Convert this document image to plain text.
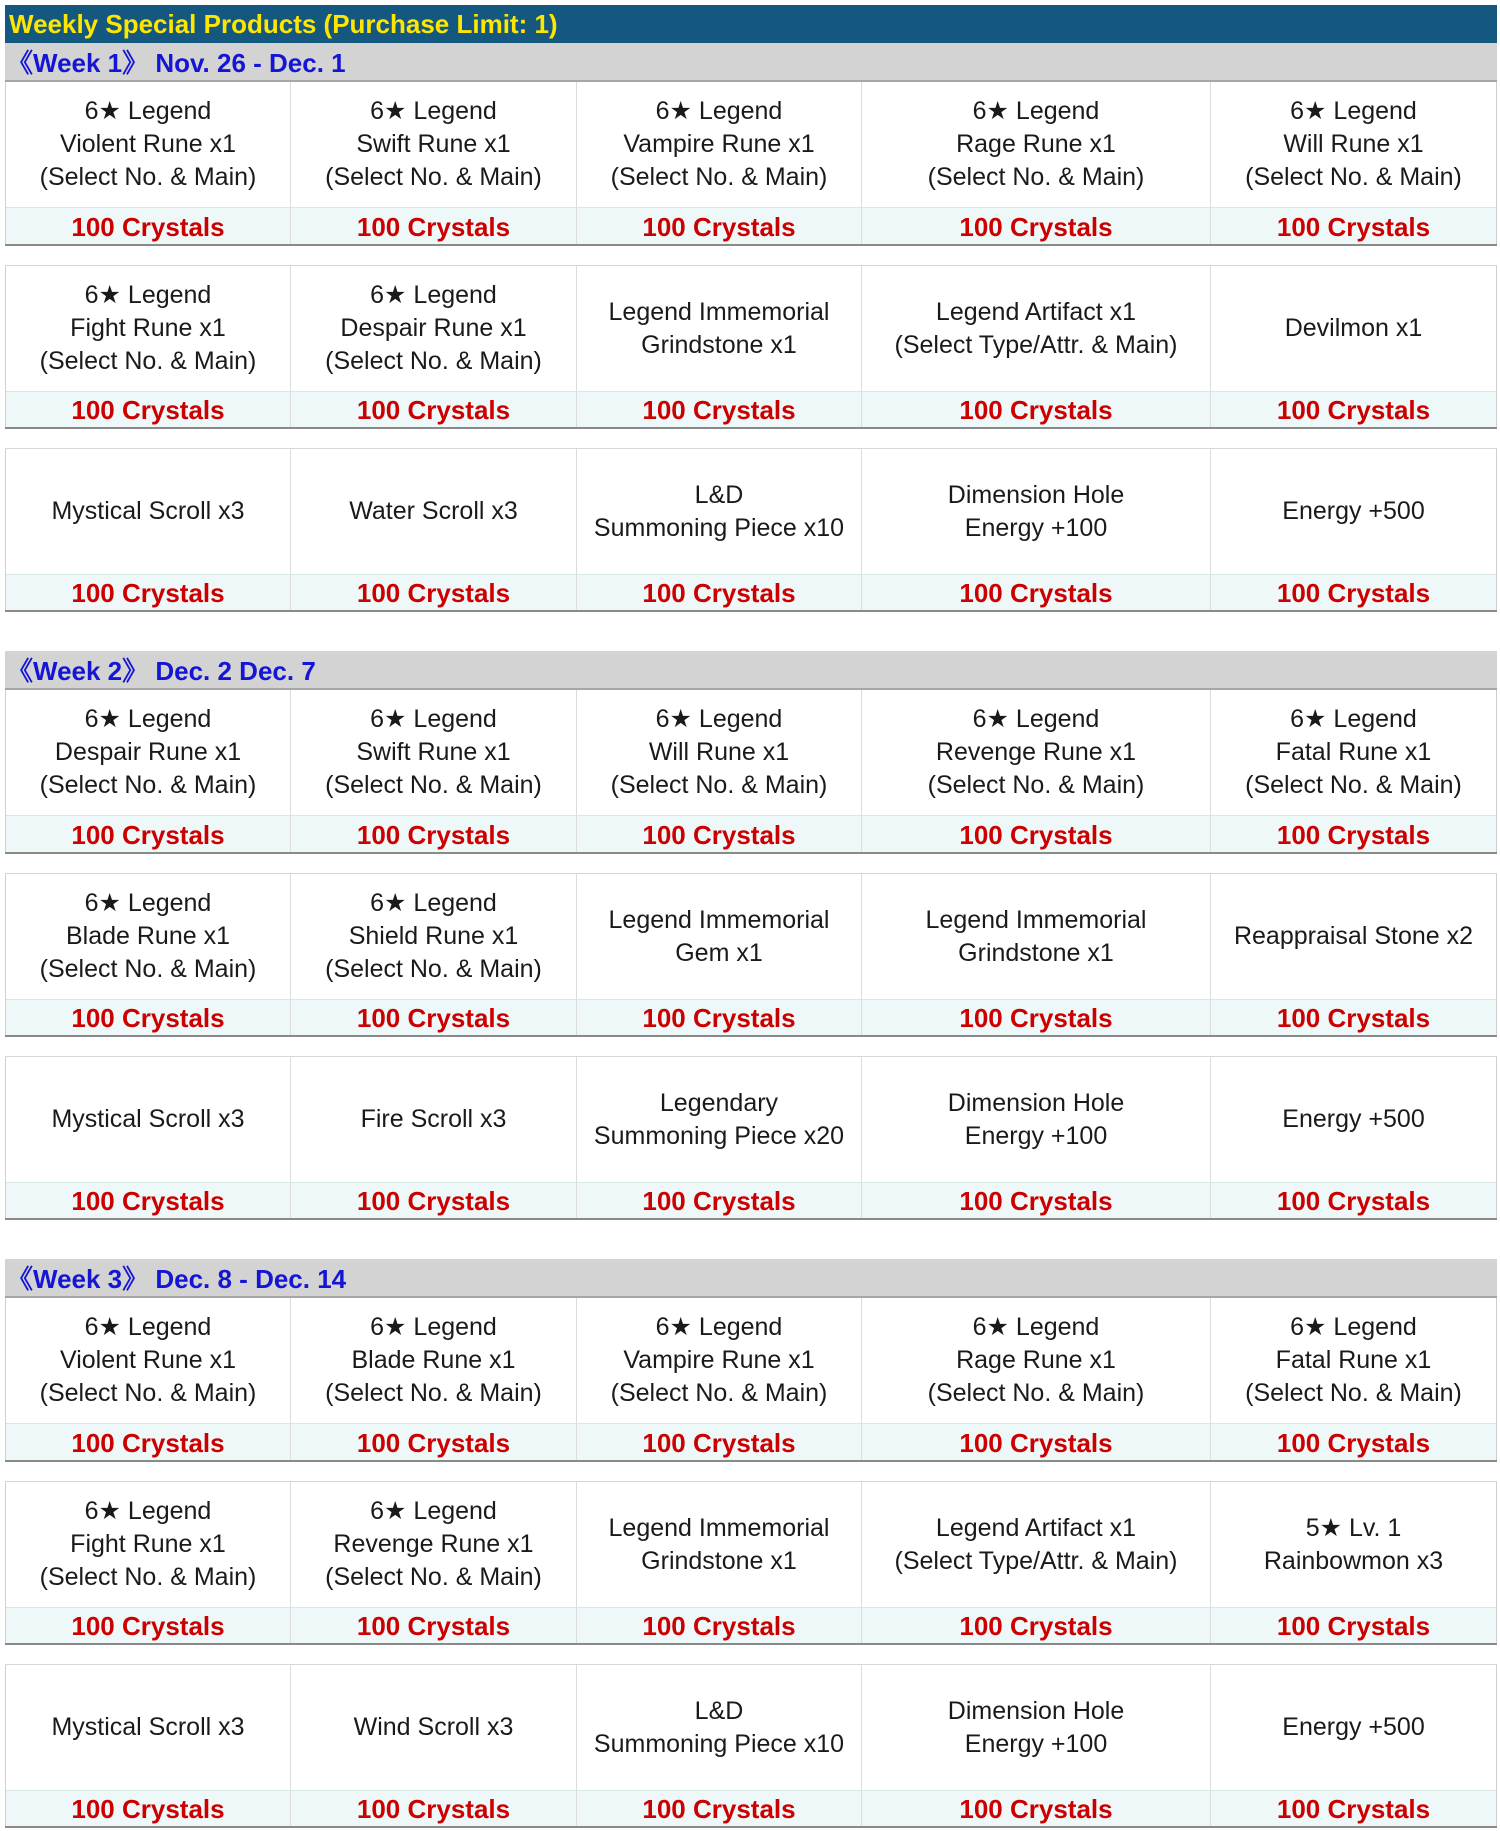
Weekly Special Products (Purchase Limit: 1)
《Week 1》 Nov. 26 - Dec. 1
6★ Legend
Violent Rune x1
(Select No. & Main)
100 Crystals
6★ Legend
Swift Rune x1
(Select No. & Main)
100 Crystals
6★ Legend
Vampire Rune x1
(Select No. & Main)
100 Crystals
6★ Legend
Rage Rune x1
(Select No. & Main)
100 Crystals
6★ Legend
Will Rune x1
(Select No. & Main)
100 Crystals
6★ Legend
Fight Rune x1
(Select No. & Main)
100 Crystals
6★ Legend
Despair Rune x1
(Select No. & Main)
100 Crystals
Legend Immemorial
Grindstone x1
100 Crystals
Legend Artifact x1
(Select Type/Attr. & Main)
100 Crystals
Devilmon x1
100 Crystals
Mystical Scroll x3
100 Crystals
Water Scroll x3
100 Crystals
L&D
Summoning Piece x10
100 Crystals
Dimension Hole
Energy +100
100 Crystals
Energy +500
100 Crystals
《Week 2》 Dec. 2 Dec. 7
6★ Legend
Despair Rune x1
(Select No. & Main)
100 Crystals
6★ Legend
Swift Rune x1
(Select No. & Main)
100 Crystals
6★ Legend
Will Rune x1
(Select No. & Main)
100 Crystals
6★ Legend
Revenge Rune x1
(Select No. & Main)
100 Crystals
6★ Legend
Fatal Rune x1
(Select No. & Main)
100 Crystals
6★ Legend
Blade Rune x1
(Select No. & Main)
100 Crystals
6★ Legend
Shield Rune x1
(Select No. & Main)
100 Crystals
Legend Immemorial
Gem x1
100 Crystals
Legend Immemorial
Grindstone x1
100 Crystals
Reappraisal Stone x2
100 Crystals
Mystical Scroll x3
100 Crystals
Fire Scroll x3
100 Crystals
Legendary
Summoning Piece x20
100 Crystals
Dimension Hole
Energy +100
100 Crystals
Energy +500
100 Crystals
《Week 3》 Dec. 8 - Dec. 14
6★ Legend
Violent Rune x1
(Select No. & Main)
100 Crystals
6★ Legend
Blade Rune x1
(Select No. & Main)
100 Crystals
6★ Legend
Vampire Rune x1
(Select No. & Main)
100 Crystals
6★ Legend
Rage Rune x1
(Select No. & Main)
100 Crystals
6★ Legend
Fatal Rune x1
(Select No. & Main)
100 Crystals
6★ Legend
Fight Rune x1
(Select No. & Main)
100 Crystals
6★ Legend
Revenge Rune x1
(Select No. & Main)
100 Crystals
Legend Immemorial
Grindstone x1
100 Crystals
Legend Artifact x1
(Select Type/Attr. & Main)
100 Crystals
5★ Lv. 1
Rainbowmon x3
100 Crystals
Mystical Scroll x3
100 Crystals
Wind Scroll x3
100 Crystals
L&D
Summoning Piece x10
100 Crystals
Dimension Hole
Energy +100
100 Crystals
Energy +500
100 Crystals
